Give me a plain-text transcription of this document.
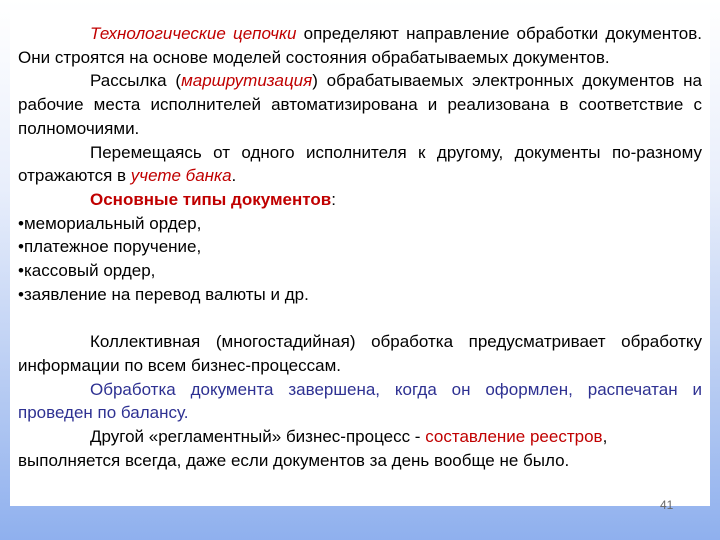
Технологические цепочки определяют направление обработки документов. Они строятся на основе моделей состояния обрабатываемых документов.

Рассылка (маршрутизация) обрабатываемых электронных документов на рабочие места исполнителей автоматизирована и реализована в соответствие с полномочиями.

Перемещаясь от одного исполнителя к другому, документы по-разному отражаются в учете банка.

Основные типы документов:

•мемориальный ордер,

•платежное поручение,

•кассовый ордер,

•заявление на перевод валюты и др.

Коллективная (многостадийная) обработка предусматривает обработку информации по всем бизнес-процессам.

Обработка документа завершена, когда он оформлен, распечатан и проведен по балансу.

Другой «регламентный» бизнес-процесс - составление реестров,

выполняется всегда, даже если документов за день вообще не было.

41
